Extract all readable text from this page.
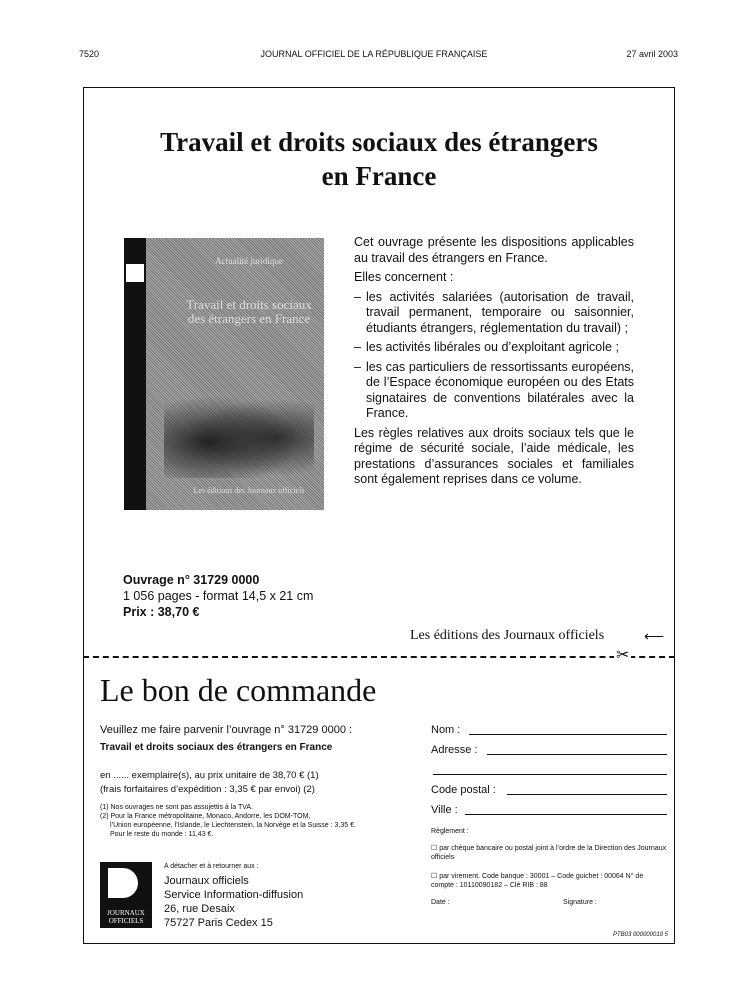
7520	JOURNAL OFFICIEL DE LA RÉPUBLIQUE FRANÇAISE	27 avril 2003
Travail et droits sociaux des étrangers
en France
Actualité juridique
Travail et droits sociaux des étrangers en France
Les éditions des Journaux officiels

Cet ouvrage présente les dispositions applicables au travail des étrangers en France.

Elles concernent :

– les activités salariées (autorisation de travail, travail permanent, temporaire ou saisonnier, étudiants étrangers, réglementation du travail) ;
– les activités libérales ou d’exploitant agricole ;
– les cas particuliers de ressortissants européens, de l’Espace économique européen ou des Etats signataires de conventions bilatérales avec la France.

Les règles relatives aux droits sociaux tels que le régime de sécurité sociale, l’aide médicale, les prestations d’assurances sociales et familiales sont également reprises dans ce volume.

Ouvrage n° 31729 0000
1 056 pages - format 14,5 x 21 cm
Prix : 38,70 €
Les éditions des Journaux officiels	⟵
✂
Le bon de commande
Veuillez me faire parvenir l’ouvrage n° 31729 0000 :
Travail et droits sociaux des étrangers en France
en ...... exemplaire(s), au prix unitaire de 38,70 € (1)
(frais forfaitaires d’expédition : 3,35 € par envoi) (2)
(1) Nos ouvrages ne sont pas assujettis à la TVA.
(2) Pour la France métropolitaine, Monaco, Andorre, les DOM-TOM,
l’Union européenne, l’Islande, le Liechtenstein, la Norvège et la Suisse : 3,35 €.
Pour le reste du monde : 11,43 €.
JOURNAUX OFFICIELS
A détacher et à retourner aux :
Journaux officiels
Service Information-diffusion
26, rue Desaix
75727 Paris Cedex 15
Nom :
Adresse :
Code postal :
Ville :
Règlement :
☐ par chèque bancaire ou postal joint à l’ordre de la Direction des Journaux officiels
☐ par virement. Code banque : 30001 – Code guichet : 00064 N° de compte : 10110090182 – Clé RIB : 88
Date :	Signature :
PTB03 000000010 5
